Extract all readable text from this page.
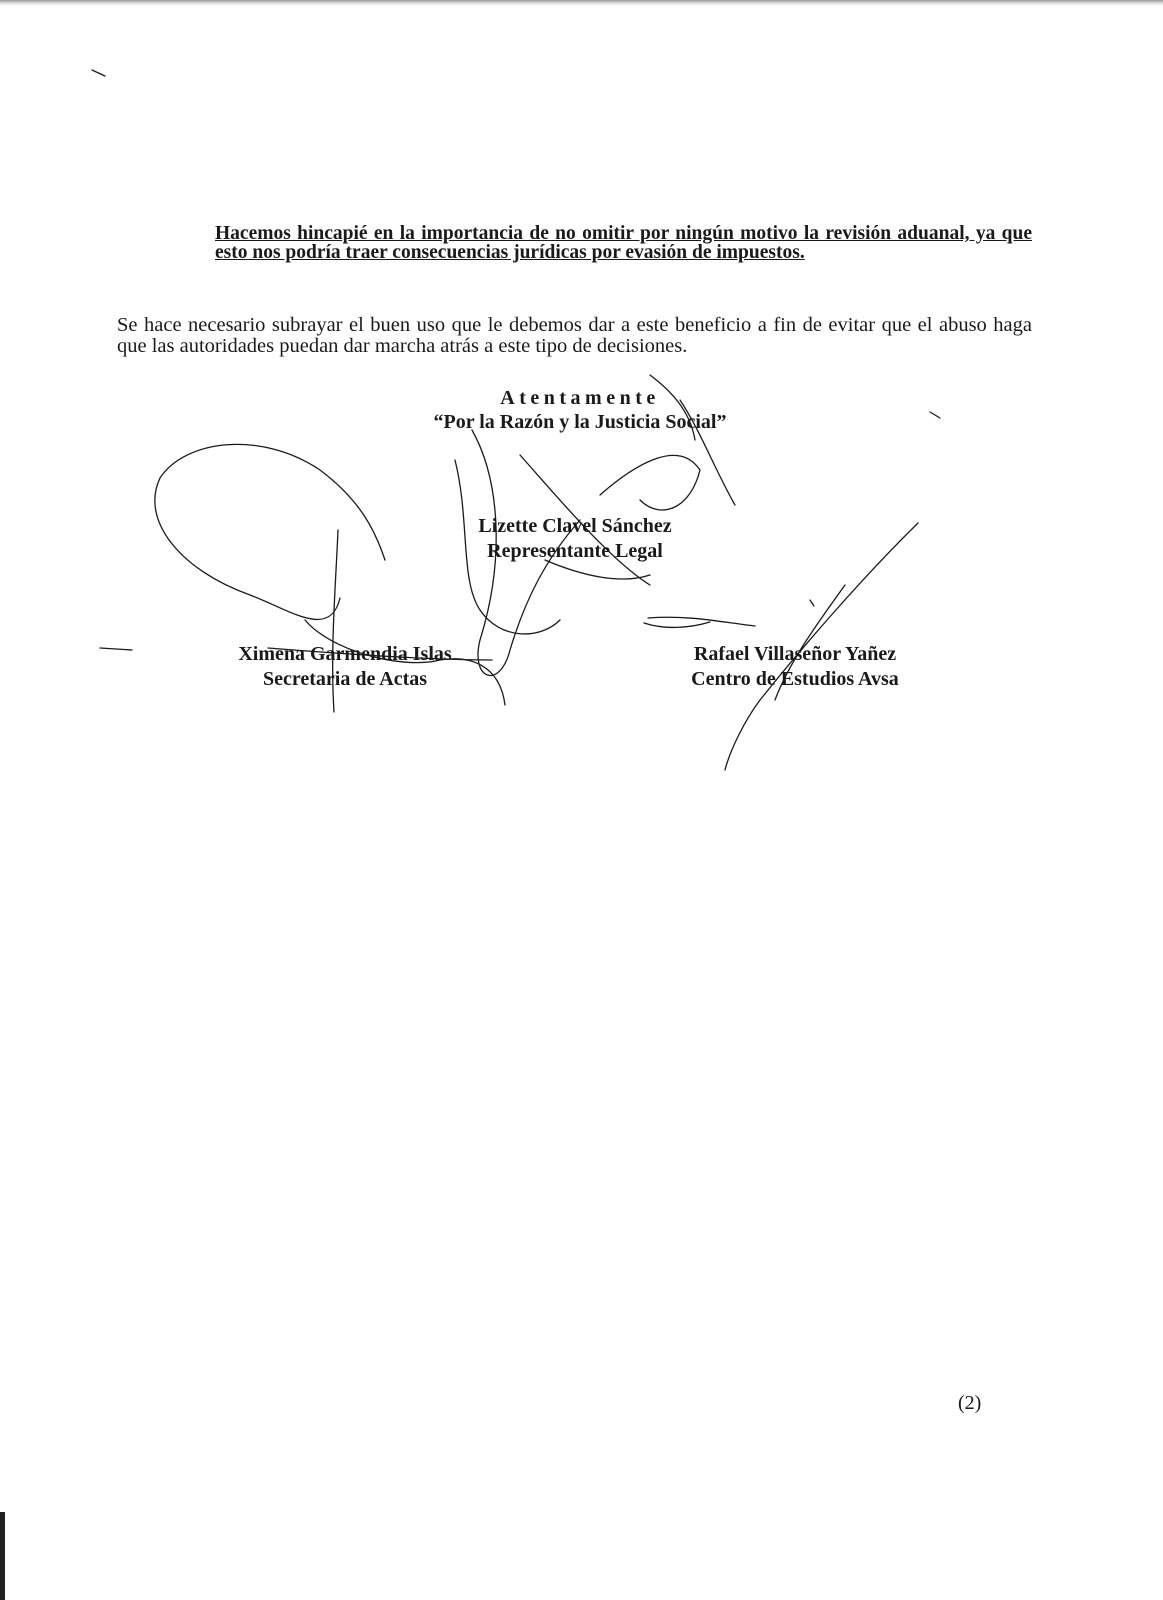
Hacemos hincapié en la importancia de no omitir por ningún motivo la revisión aduanal, ya que esto nos podría traer consecuencias jurídicas por evasión de impuestos.

Se hace necesario subrayar el buen uso que le debemos dar a este beneficio a fin de evitar que el abuso haga que las autoridades puedan dar marcha atrás a este tipo de decisiones.

Atentamente
“Por la Razón y la Justicia Social”
Lizette Clavel Sánchez
Representante Legal
Ximena Garmendia Islas
Secretaria de Actas
Rafael Villaseñor Yañez
Centro de Estudios Avsa
(2)
